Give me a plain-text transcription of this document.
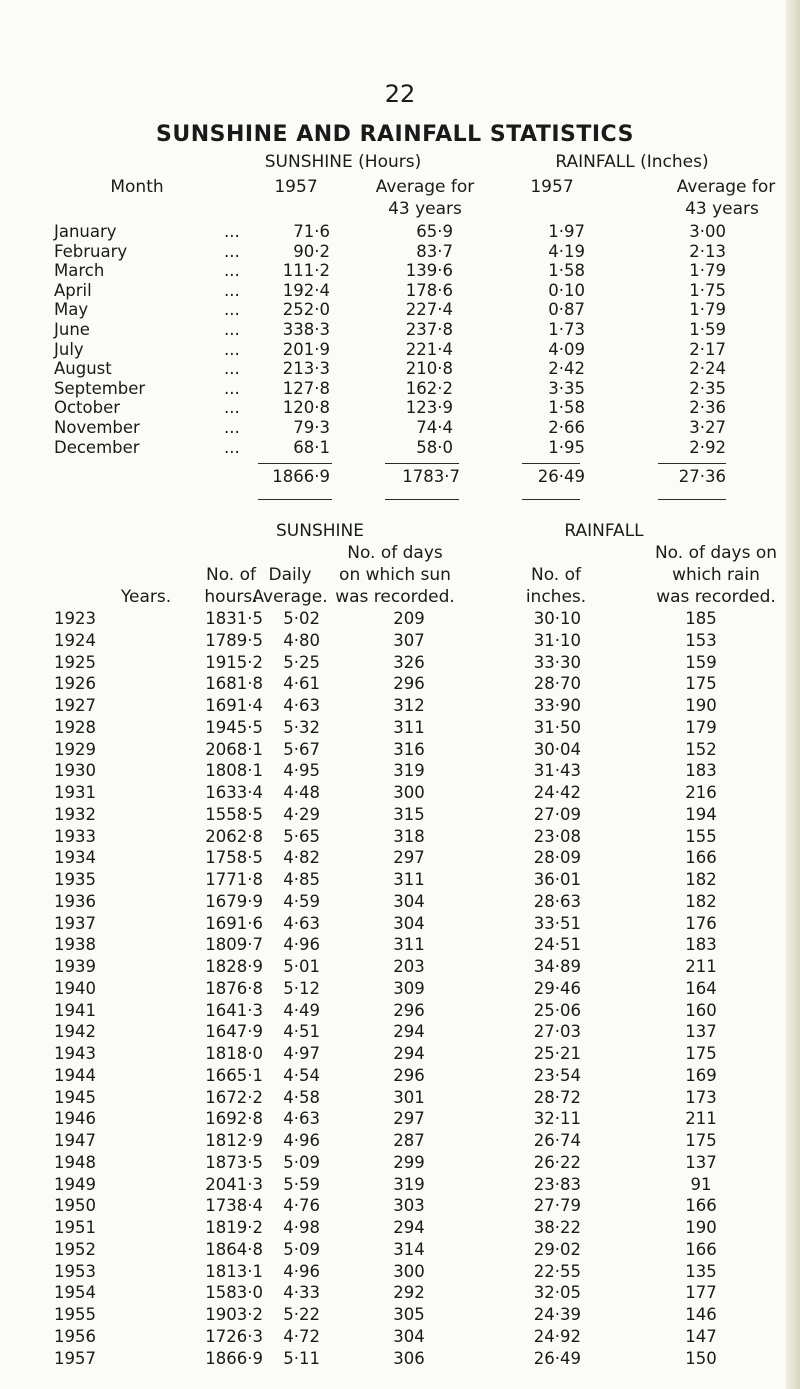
22
SUNSHINE AND RAINFALL STATISTICS
SUNSHINE (Hours)	RAINFALL (Inches)
Month	1957	Average for
43 years
1957	Average for
43 years
January	...	71·6	65·9	1·97	3·00
February	...	90·2	83·7	4·19	2·13
March	...	111·2	139·6	1·58	1·79
April	...	192·4	178·6	0·10	1·75
May	...	252·0	227·4	0·87	1·79
June	...	338·3	237·8	1·73	1·59
July	...	201·9	221·4	4·09	2·17
August	...	213·3	210·8	2·42	2·24
September	...	127·8	162·2	3·35	2·35
October	...	120·8	123·9	1·58	2·36
November	...	79·3	74·4	2·66	3·27
December	...	68·1	58·0	1·95	2·92
1866·9	1783·7	26·49	27·36
SUNSHINE	RAINFALL
Years.
No. of
hours.
Daily
Average.
No. of days
on which sun
was recorded.
No. of
inches.
No. of days on
which rain
was recorded.
1923	1831·5 5·02	209	30·10	185
1924	1789·5 4·80	307	31·10	153
1925	1915·2 5·25	326	33·30	159
1926	1681·8 4·61	296	28·70	175
1927	1691·4 4·63	312	33·90	190
1928	1945·5 5·32	311	31·50	179
1929	2068·1 5·67	316	30·04	152
1930	1808·1 4·95	319	31·43	183
1931	1633·4 4·48	300	24·42	216
1932	1558·5 4·29	315	27·09	194
1933	2062·8 5·65	318	23·08	155
1934	1758·5 4·82	297	28·09	166
1935	1771·8 4·85	311	36·01	182
1936	1679·9 4·59	304	28·63	182
1937	1691·6 4·63	304	33·51	176
1938	1809·7 4·96	311	24·51	183
1939	1828·9 5·01	203	34·89	211
1940	1876·8 5·12	309	29·46	164
1941	1641·3 4·49	296	25·06	160
1942	1647·9 4·51	294	27·03	137
1943	1818·0 4·97	294	25·21	175
1944	1665·1 4·54	296	23·54	169
1945	1672·2 4·58	301	28·72	173
1946	1692·8 4·63	297	32·11	211
1947	1812·9 4·96	287	26·74	175
1948	1873·5 5·09	299	26·22	137
1949	2041·3 5·59	319	23·83	91
1950	1738·4 4·76	303	27·79	166
1951	1819·2 4·98	294	38·22	190
1952	1864·8 5·09	314	29·02	166
1953	1813·1 4·96	300	22·55	135
1954	1583·0 4·33	292	32·05	177
1955	1903·2 5·22	305	24·39	146
1956	1726·3 4·72	304	24·92	147
1957	1866·9 5·11	306	26·49	150
